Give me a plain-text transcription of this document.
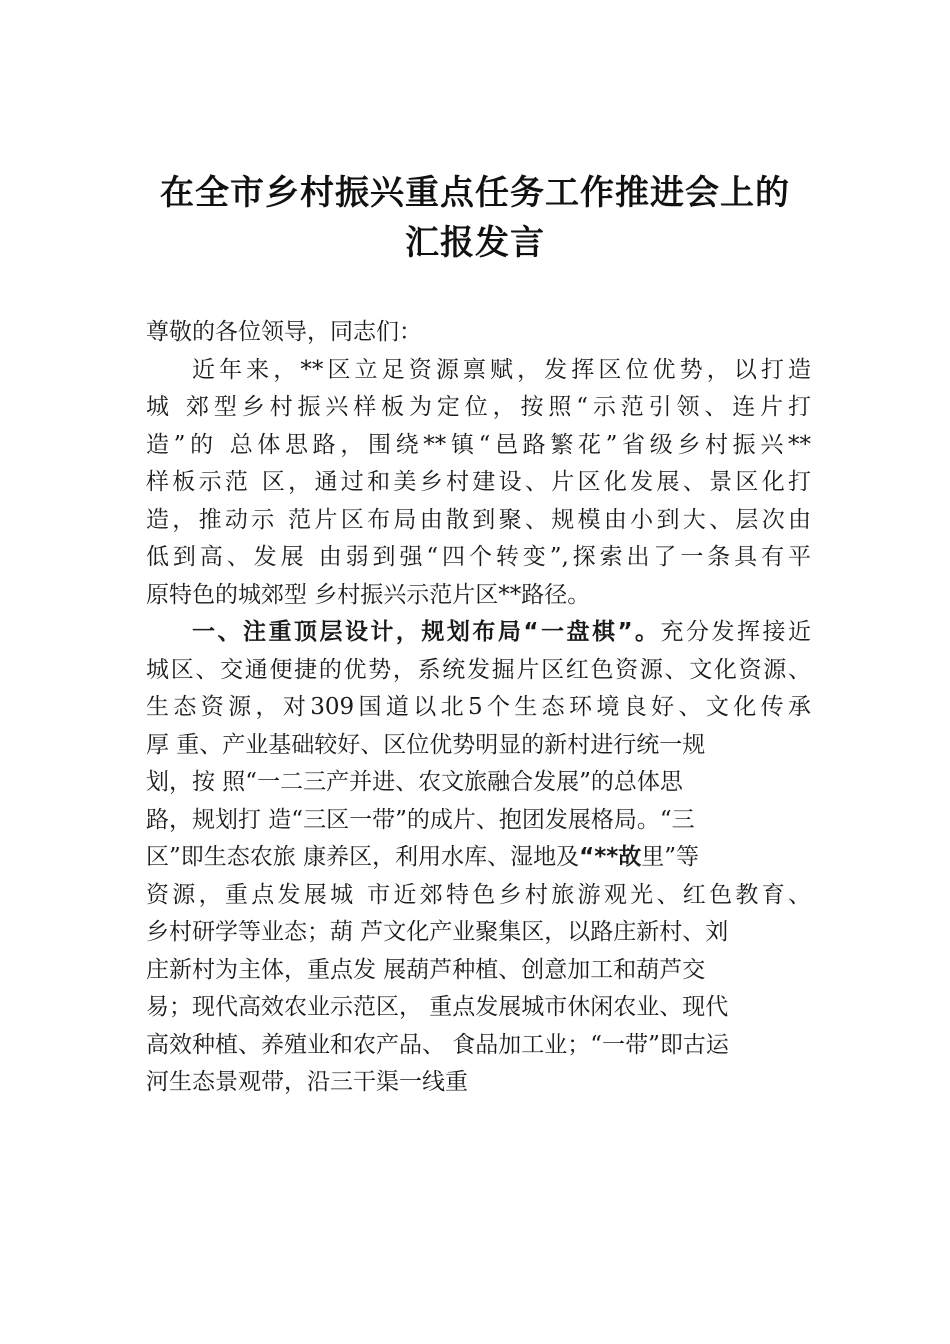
在全市乡村振兴重点任务工作推进会上的
汇报发言
尊敬的各位领导，同志们：
近年来，**区立足资源禀赋，发挥区位优势，以打造
城 郊型乡村振兴样板为定位，按照“示范引领、连片打
造”的 总体思路，围绕**镇“邑路繁花”省级乡村振兴**
样板示范 区，通过和美乡村建设、片区化发展、景区化打
造，推动示 范片区布局由散到聚、规模由小到大、层次由
低到高、发展 由弱到强“四个转变”,探索出了一条具有平
原特色的城郊型 乡村振兴示范片区**路径。
一、注重顶层设计，规划布局“一盘棋”。充分发挥接近
城区、交通便捷的优势，系统发掘片区红色资源、文化资源、
生态资源，对309国道以北5个生态环境良好、文化传承
厚 重、产业基础较好、区位优势明显的新村进行统一规
划，按 照“一二三产并进、农文旅融合发展”的总体思
路，规划打 造“三区一带”的成片、抱团发展格局。“三
区”即生态农旅 康养区，利用水库、湿地及“**故里”等
资源，重点发展城 市近郊特色乡村旅游观光、红色教育、
乡村研学等业态；葫 芦文化产业聚集区，以路庄新村、刘
庄新村为主体，重点发 展葫芦种植、创意加工和葫芦交
易；现代高效农业示范区， 重点发展城市休闲农业、现代
高效种植、养殖业和农产品、 食品加工业；“一带”即古运
河生态景观带，沿三干渠一线重
